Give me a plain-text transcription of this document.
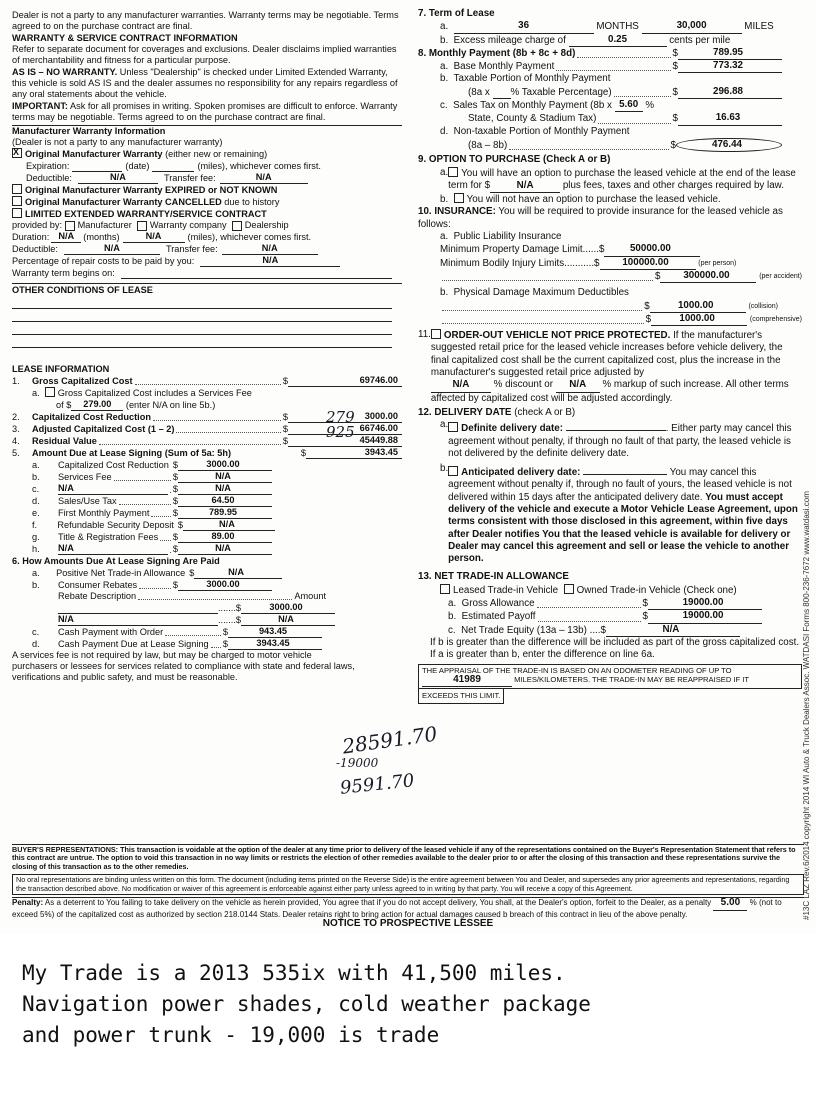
Dealer is not a party to any manufacturer warranties. Warranty terms may be negotiable. Terms agreed to on the purchase contract are final.
WARRANTY & SERVICE CONTRACT INFORMATION
Refer to separate document for coverages and exclusions. Dealer disclaims implied warranties of merchantability and fitness for a particular purpose.
AS IS – NO WARRANTY. Unless "Dealership" is checked under Limited Extended Warranty, this vehicle is sold AS IS and the dealer assumes no responsibility for any repairs regardless of any oral statements about the vehicle.
IMPORTANT: Ask for all promises in writing. Spoken promises are difficult to enforce. Warranty terms may be negotiable. Terms agreed to on the purchase contract are final.
Manufacturer Warranty Information
(Dealer is not a party to any manufacturer warranty)
XOriginal Manufacturer Warranty (either new or remaining)
Expiration:	(date)	(miles), whichever comes first.
Deductible:	N/A	Transfer fee:	N/A
Original Manufacturer Warranty EXPIRED or NOT KNOWN
Original Manufacturer Warranty CANCELLED due to history
LIMITED EXTENDED WARRANTY/SERVICE CONTRACT
provided by:
Manufacturer
Warranty company
Dealership
Duration: N/A (months)	N/A	(miles), whichever comes first.
Deductible:	N/A	Transfer fee:	N/A
Percentage of repair costs to be paid by you:	N/A
Warranty term begins on:
OTHER CONDITIONS OF LEASE
LEASE INFORMATION
1.	Gross Capitalized Cost	$	69746.00
a.  Gross Capitalized Cost includes a Services Fee
of $	279.00
	(enter N/A on line 5b.)
2.	Capitalized Cost Reduction	$	3000.00
3.	Adjusted Capitalized Cost (1 – 2)	$	66746.00
4.	Residual Value	$	45449.88
5.	Amount Due at Lease Signing (Sum of 5a: 5h)	$	3943.45
a.	Capitalized Cost Reduction $	3000.00
b.	Services Fee	$	N/A
c.	N/A	$	N/A
d.	Sales/Use Tax	$	64.50
e.	First Monthly Payment	$	789.95
f.	Refundable Security Deposit $	N/A
g.	Title & Registration Fees $	89.00
h.	N/A	$	N/A
6. How Amounts Due At Lease Signing Are Paid
a.	Positive Net Trade-in Allowance $	N/A
b.	Consumer Rebates	$	3000.00
Rebate Description	Amount
.......$	3000.00
N/A	.......$	N/A
c.	Cash Payment with Order	$	943.45
d.	Cash Payment Due at Lease Signing $	3943.45
A services fee is not required by law, but may be charged to motor vehicle purchasers or lessees for services related to compliance with state and federal laws, verifications and public safety, and must be reasonable.
7. Term of Lease
a.	36
	MONTHS
	30,000
	MILES
b. Excess mileage charge of
	0.25
	cents per mile
8. Monthly Payment (8b + 8c + 8d)	$	789.95
a. Base Monthly Payment	$	773.32
b.  Taxable Portion of Monthly Payment
(8a x % Taxable Percentage)	$	296.88
c. Sales Tax on Monthly Payment (8b x
5.60 %
State, County & Stadium Tax)	$	16.63
d.  Non-taxable Portion of Monthly Payment
(8a – 8b)	$	476.44
9. OPTION TO PURCHASE (Check A or B)
a.	You will have an option to purchase the leased vehicle at the end of the lease term for $	N/A	plus fees, taxes and other charges required by law.
b.  You will not have an option to purchase the leased vehicle.
10. INSURANCE: You will be required to provide insurance for the leased vehicle as follows:
a.  Public Liability Insurance
Minimum Property Damage Limit......$	50000.00
Minimum Bodily Injury Limits...........$	100000.00
	(per person)
$	300000.00
	(per accident)
b.  Physical Damage Maximum Deductibles
$	1000.00
	(collision)
$	1000.00
	(comprehensive)
11.	ORDER-OUT VEHICLE NOT PRICE PROTECTED. If the manufacturer's suggested retail price for the leased vehicle increases before vehicle delivery, the final capitalized cost shall be the current capitalized cost, plus the increase in the manufacturer's suggested retail price adjusted by
N/A % discount or N/A % markup of such increase. All other terms affected by capitalized cost will be adjusted accordingly.
12. DELIVERY DATE (check A or B)
a.	Definite delivery date:	. Either party may cancel this agreement without penalty, if through no fault of that party, the leased vehicle is not delivered by the definite delivery date.
b.	Anticipated delivery date:	You may cancel this agreement without penalty if, through no fault of yours, the leased vehicle is not delivered within 15 days after the anticipated delivery date. You must accept delivery of the vehicle and execute a Motor Vehicle Lease Agreement, upon terms consistent with those disclosed in this agreement, within five days after Dealer notifies You that the leased vehicle is available for delivery or Dealer may cancel this agreement and sell or lease the vehicle to another person.
13. NET TRADE-IN ALLOWANCE
Leased Trade-in Vehicle Owned Trade-in Vehicle (Check one)
a. Gross Allowance	$	19000.00
b. Estimated Payoff	$	19000.00
c. Net Trade Equity (13a – 13b) ....$	N/A
If b is greater than the difference will be included as part of the gross capitalized cost. If a is greater than b, enter the difference on line 6a.
THE APPRAISAL OF THE TRADE-IN IS BASED ON AN ODOMETER READING OF UP TO
41989	MILES/KILOMETERS. THE TRADE-IN MAY BE REAPPRAISED IF IT
EXCEEDS THIS LIMIT.
BUYER'S REPRESENTATIONS: This transaction is voidable at the option of the dealer at any time prior to delivery of the leased vehicle if any of the representations contained on the Buyer's Representation Statement that refers to this contract are untrue. The option to void this transaction in no way limits or restricts the election of other remedies available to the dealer prior to or after the closing of this transaction and these representations survive the closing of this transaction as to the other remedies.
No oral representations are binding unless written on this form. The document (including items printed on the Reverse Side) is the entire agreement between You and Dealer, and supersedes any prior agreements and representations, regarding the transaction described above. No modification or waiver of this agreement is enforceable against either party unless agreed to in writing by that party. You will receive a copy of this Agreement.
Penalty: As a deterrent to You failing to take delivery on the vehicle as herein provided, You agree that if you do not accept delivery, You shall, at the Dealer's option, forfeit to the Dealer, as a penalty 5.00 % (not to exceed 5%) of the capitalized cost as authorized by section 218.0144 Stats. Dealer retains right to bring action for actual damages caused b breach of this contract in lieu of the above penalty.
NOTICE TO PROSPECTIVE LESSEE
#13C LAZ Rev.6/2014 copyright 2014 WI Auto & Truck Dealers Assoc. WATDASI Forms 800-236-7672 www.watdasi.com
279
925
28591.70
-19000
9591.70
My Trade is a 2013 535ix with 41,500 miles.
Navigation power shades, cold weather package
and power trunk - 19,000 is trade
